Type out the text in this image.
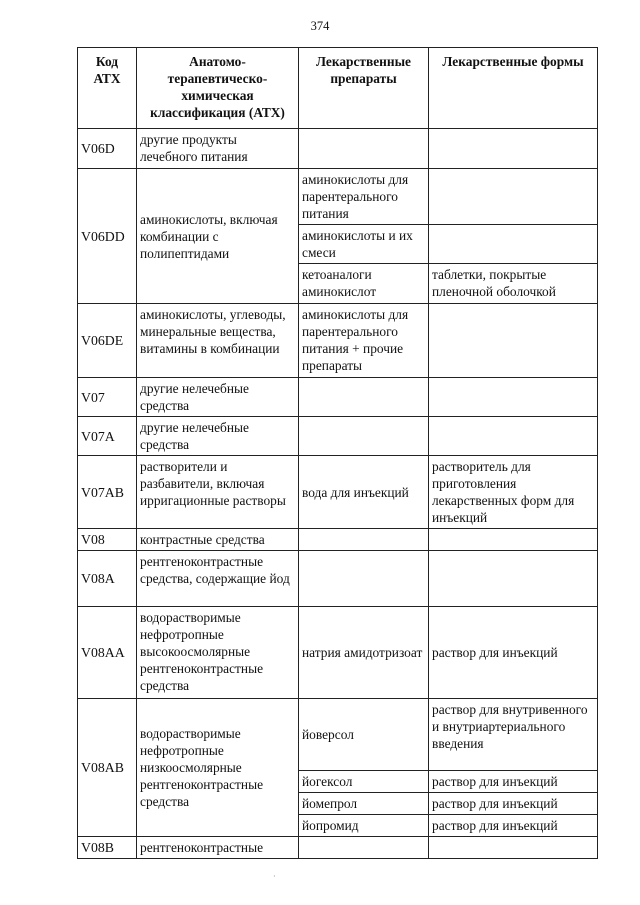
374
Код АТХ	Анатомо-терапевтическо-химическая классификация (АТХ)	Лекарственные препараты	Лекарственные формы
V06D	другие продукты лечебного питания		
V06DD	аминокислоты, включая комбинации с полипептидами	аминокислоты для парентерального питания	
		аминокислоты и их смеси	
		кетоаналоги аминокислот	таблетки, покрытые пленочной оболочкой
V06DE	аминокислоты, углеводы, минеральные вещества, витамины в комбинации	аминокислоты для парентерального питания + прочие препараты	
V07	другие нелечебные средства		
V07A	другие нелечебные средства		
V07AB	растворители и разбавители, включая ирригационные растворы	вода для инъекций	растворитель для приготовления лекарственных форм для инъекций
V08	контрастные средства		
V08A	рентгеноконтрастные средства, содержащие йод		
V08AA	водорастворимые нефротропные высокоосмолярные рентгеноконтрастные средства	натрия амидотризоат	раствор для инъекций
V08AB	водорастворимые нефротропные низкоосмолярные рентгеноконтрастные средства	йоверсол	раствор для внутривенного и внутриартериального введения
		йогексол	раствор для инъекций
		йомепрол	раствор для инъекций
		йопромид	раствор для инъекций
V08B	рентгеноконтрастные		
·
